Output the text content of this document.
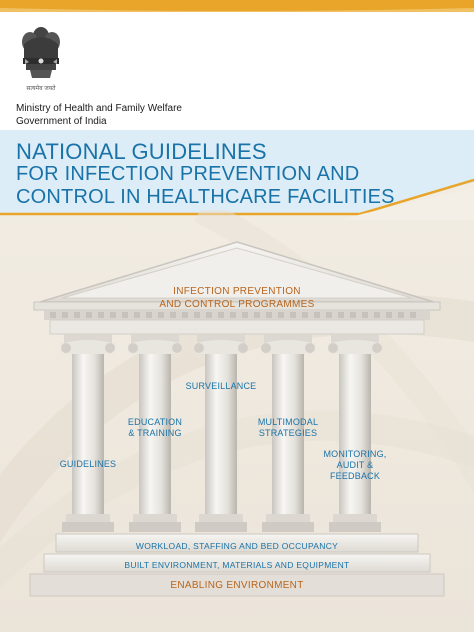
सत्यमेव जयते
Ministry of Health and Family Welfare
Government of India
NATIONAL GUIDELINES
FOR INFECTION PREVENTION AND
CONTROL IN HEALTHCARE FACILITIES
INFECTION PREVENTION
AND CONTROL PROGRAMMES
GUIDELINES
EDUCATION
& TRAINING
SURVEILLANCE
MULTIMODAL
STRATEGIES
MONITORING,
AUDIT &
FEEDBACK
WORKLOAD, STAFFING AND BED OCCUPANCY
BUILT ENVIRONMENT, MATERIALS AND EQUIPMENT
ENABLING ENVIRONMENT
